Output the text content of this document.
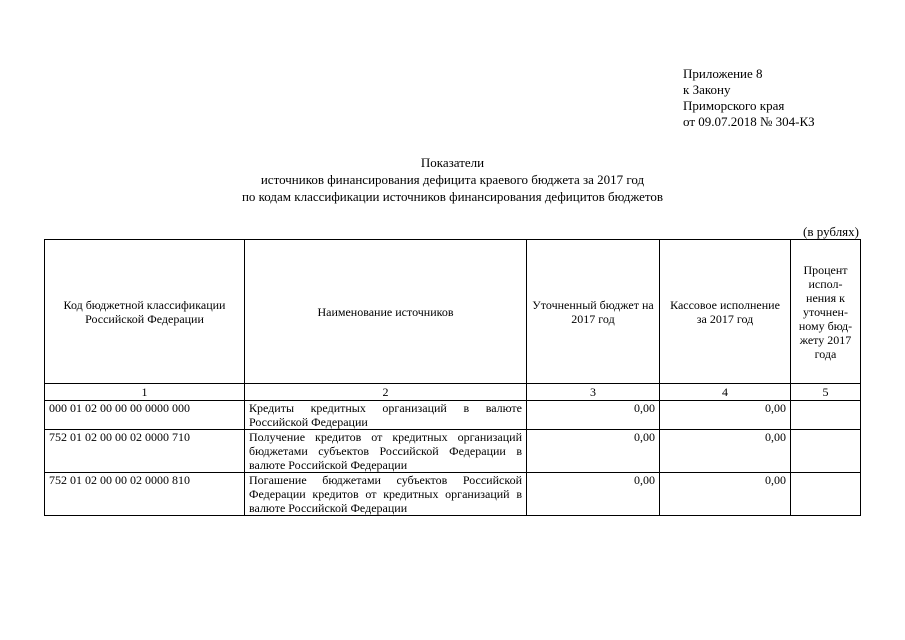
Приложение 8
к Закону
Приморского края
от 09.07.2018 № 304-КЗ
Показатели
источников финансирования дефицита краевого бюджета за 2017 год
по кодам классификации источников финансирования дефицитов бюджетов
(в рублях)
Код бюджетной классификации Российской Федерации	Наименование источников	Уточненный бюджет на 2017 год	Кассовое исполнение за 2017 год	Процент испол-нения к уточнен-ному бюд-жету 2017 года
1	2	3	4	5
000 01 02 00 00 00 0000 000	Кредиты кредитных организаций в валюте Российской Федерации	0,00	0,00	
752 01 02 00 00 02 0000 710	Получение кредитов от кредитных организаций бюджетами субъектов Российской Федерации в валюте Российской Федерации	0,00	0,00	
752 01 02 00 00 02 0000 810	Погашение бюджетами субъектов Российской Федерации кредитов от кредитных организаций в валюте Российской Федерации	0,00	0,00	
